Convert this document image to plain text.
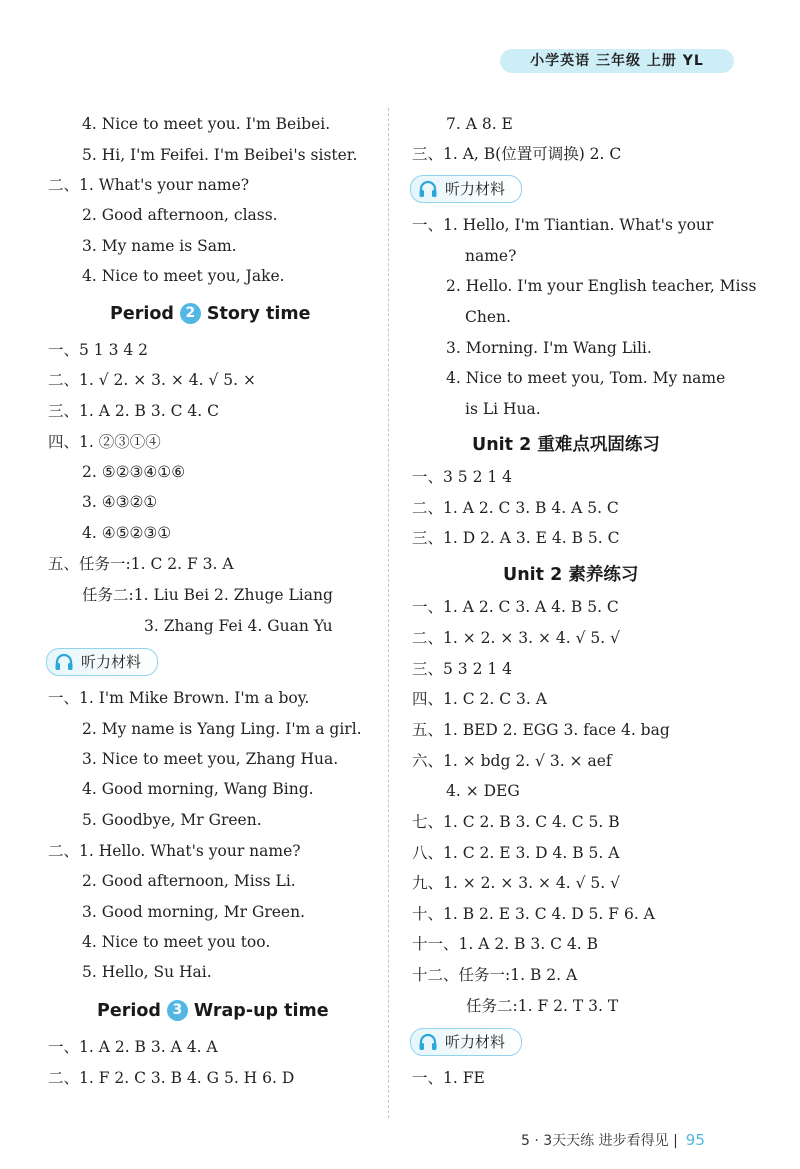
小学英语 三年级 上册 YL
4. Nice to meet you. I'm Beibei.
5. Hi, I'm Feifei. I'm Beibei's sister.
二、1. What's your name?
2. Good afternoon, class.
3. My name is Sam.
4. Nice to meet you, Jake.
Period 2 Story time
一、5 1 3 4 2
二、1. √ 2. × 3. × 4. √ 5. ×
三、1. A 2. B 3. C 4. C
四、1. ②③①④
2. ⑤②③④①⑥
3. ④③②①
4. ④⑤②③①
五、任务一:1. C 2. F 3. A
任务二:1. Liu Bei 2. Zhuge Liang
3. Zhang Fei 4. Guan Yu
听力材料
一、1. I'm Mike Brown. I'm a boy.
2. My name is Yang Ling. I'm a girl.
3. Nice to meet you, Zhang Hua.
4. Good morning, Wang Bing.
5. Goodbye, Mr Green.
二、1. Hello. What's your name?
2. Good afternoon, Miss Li.
3. Good morning, Mr Green.
4. Nice to meet you too.
5. Hello, Su Hai.
Period 3 Wrap-up time
一、1. A 2. B 3. A 4. A
二、1. F 2. C 3. B 4. G 5. H 6. D
7. A 8. E
三、1. A, B(位置可调换) 2. C
听力材料
一、1. Hello, I'm Tiantian. What's your
name?
2. Hello. I'm your English teacher, Miss
Chen.
3. Morning. I'm Wang Lili.
4. Nice to meet you, Tom. My name
is Li Hua.
Unit 2 重难点巩固练习
一、3 5 2 1 4
二、1. A 2. C 3. B 4. A 5. C
三、1. D 2. A 3. E 4. B 5. C
Unit 2 素养练习
一、1. A 2. C 3. A 4. B 5. C
二、1. × 2. × 3. × 4. √ 5. √
三、5 3 2 1 4
四、1. C 2. C 3. A
五、1. BED 2. EGG 3. face 4. bag
六、1. × bdg 2. √ 3. × aef
4. × DEG
七、1. C 2. B 3. C 4. C 5. B
八、1. C 2. E 3. D 4. B 5. A
九、1. × 2. × 3. × 4. √ 5. √
十、1. B 2. E 3. C 4. D 5. F 6. A
十一、1. A 2. B 3. C 4. B
十二、任务一:1. B 2. A
任务二:1. F 2. T 3. T
听力材料
一、1. FE
5 · 3天天练 进步看得见 | 95
